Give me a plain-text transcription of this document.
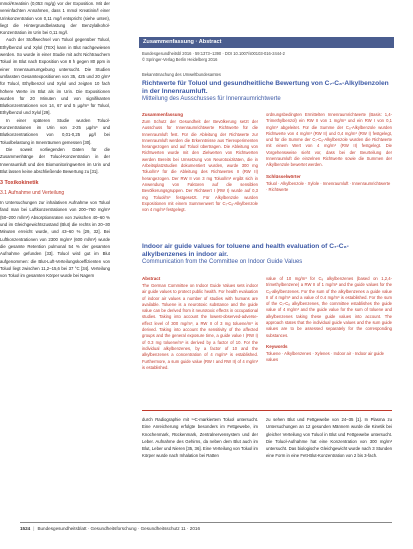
mmol/Kreatinin (0,053 mg/g) vor der Exposition. Mit der vereinfachten Annahmen, dass 1 mmol Kreatinin/l einer Urinkonzentration von 0,11 mg/l entspricht (siehe unten), liegt die Hintergrundbelastung der Benzylalkohol-Konzentration im Urin bei 0,11 mg/l.

Auch der Stoffwechsel von Toluol gegenüber Toluol, Ethylbenzol und Xylol (TEX) kann in Blut nachgewiesen werden. So wurde in einer Studie mit acht Nichtrauchern Toluol im Blut nach Exposition von 8 h gegen 80 ppm in einer Innenraumumgebung untersucht. Die Studien umfassten Gesamtexpositionen von 35, 425 und 20 g/m³ für Toluol, Ethylbenzol und Xylol und zeigten 10 fach höhere Werte im Blut als im Urin. Die Expositionen wurden für 20 Minuten und von signifikanten Blutkonzentrationen von 14, 67 und 5 µg/m³ für Toluol, Ethylbenzol und Xylol [29].

In einer späteren Studie wurden Toluol-Konzentrationen im Urin von 2-25 µg/m³ und Blutkonzentrationen von 0,01-0,25 µg/l bei Toluolbelastung in Innenräumen gemessen [30].

Die soweit vorliegenden Daten für die Zusammenhänge der Toluol-Konzentration in der Innenraumluft und den Biomonitoringwerten im Urin und Blut lassen keine abschließende Bewertung zu [31].

3 Toxikokinetik
3.1 Aufnahme und Verteilung

In Untersuchungen zur inhalativen Aufnahme von Toluol fand man bei Luftkonzentrationen von 200–760 mg/m³ (50–200 ml/m³) Absorptionsraten von zwischen 40–60 % und im Gleichgewichtszustand (Blut) die rechts im 20–30 Minuten erreicht wurde, und 43–60 % [29, 32]. Bei Luftkonzentrationen von 2300 mg/m³ (600 ml/m³) wurde die gesamte Retention pulmonal 54 % der gesamten Aufnahme gefunden [33]. Toluol wird gut im Blut aufgenommen: die Blut-Luft-Verteilungskoeffizienten von Toluol liegt zwischen 11,2–15,6 bei 37 °C [34]. Verteilung von Toluol im gesamten Körper wurde bei Nagern

Zusammenfassung · Abstract
Bundesgesundheitsbl 2016 · 59:1373–1390 · DOI 10.1007/s00103-016-2444-2
© Springer-Verlag Berlin Heidelberg 2016
Bekanntmachung des Umweltbundesamtes
Richtwerte für Toluol und gesundheitliche Bewertung von C₇-C₈-Alkylbenzolen in der Innenraumluft.
Mitteilung des Ausschusses für Innenraumrichtwerte
Zusammenfassung
Zum Schutz der Gesundheit der Bevölkerung setzt der Ausschuss für Innenraumrichtwerte Richtwerte für die Innenraumluft fest. Für die Ableitung der Richtwerte zur Innenraumluft werden die Erkenntnisse aus Tierexperimenten herangezogen und auf Toluol übertragen. Die Ableitung von Richtwerten wurde mit den Zielwerten von Richtwerten werden Bereits bei Umsetzung von Neurotoxizitäten, die in Arbeitsplatzstudien dokumentiert wurden, wurde 300 mg Toluol/m³ für die Ableitung des Richtwertes II (RW II) herangezogen. Der RW II von 3 mg Toluol/m³ ergibt sich in Anwendung von Faktoren auf die sensiblen Bevölkerungsgruppen. Der Richtwert I (RW I) wurde auf 0,3 mg Toluol/m³ festgesetzt. Für Alkylbenzole wurden Expositionen mit einem Summenwert für C₇-C₈-Alkylbenzole von 4 mg/m³ festgelegt.
ordnungsbedingten Ermittelten Innenraumrichtwerte (Basis: 1,4-Trimethylbenzol) ein RW II von 1 mg/m³ und ein RW I von 0,1 mg/m³ abgeleitet. Für die Summe der C₉-Alkylbenzole wurden Richtwerte von 4 mg/m³ (RW II) und 0,4 mg/m³ (RW I) festgelegt, und für die Summe der C₇-C₈-Alkylbenzole wurden die Richtwerte mit einem Wert von 4 mg/m³ (RW II) festgelegt. Die Vorgehensweise sieht vor, dass bei der Beurteilung der Innenraumluft die einzelnen Richtwerte sowie die Summen der Alkylbenzole bewertet werden.
Schlüsselwörter
Toluol · Alkylbenzole · Xylole · Innenraumluft · Innenraumrichtwerte · Richtwerte
Indoor air guide values for toluene and health evaluation of C₇-C₈-alkylbenzenes in indoor air.
Communication from the Committee on Indoor Guide Values
Abstract
The German Committee on Indoor Guide Values sets indoor air guide values to protect public health. For health evaluation of indoor air values a number of studies with humans are available. Toluene is a neurotoxic substance and the guide value can be derived from it neurotoxic effects in occupational studies. Taking into account the lowest-observed-adverse-effect level of 300 mg/m³, a RW II of 3 mg toluene/m³ is derived. Taking into account the sensitivity of the affected groups and the general exposure time, a guide value I (RW I) of 0.3 mg toluene/m³ is derived by a factor of 10. For the individual alkylbenzenes, by a factor of 10 and the alkylbenzenes a concentration of 4 mg/m³ is established. Furthermore, a sum guide value (RW I and RW II) of 4 mg/m³ is established.
value of 10 mg/m³ for C₉ alkylbenzenes (based on 1,2,4-trimethylbenzene) a RW II of 1 mg/m³ and the guide values for the C₉-alkylbenzenes. For the sum of the alkylbenzenes a guide value II of 4 mg/m³ and a value of 0.4 mg/m³ is established. For the sum of the C₇-C₈ alkylbenzenes, the committee establishes the guide value of 4 mg/m³ and the guide value for the sum of toluene and alkylbenzenes taking these guide values into account. The approach states that the individual guide values and the sum guide values are to be assessed separately for the corresponding substances.
Keywords
Toluene · Alkylbenzenes · Xylenes · Indoor air · Indoor air guide values

durch Radiographie mit ¹⁴C-markiertem Toluol untersucht. Eine Anreicherung erfolgte besonders im Fettgewebe, im Knochenmark, Rückenmark, Zentralnervensystem und der Leber. Aufnahme des Gehirns, da neben dem Blut auch im Blut, Leber und Nieren [35, 36]. Eine Verteilung von Toluol im Körper wurde nach Inhalation bei Ratten

zu sehen Blut und Fettgewebe von 24–35 [1]. In Plasma zu Untersuchungen an 12 gesunden Männern wurde die Kinetik bei gleicher Verteilung von Toluol in Blut und Fettgewebe untersucht. Die Toluol-Aufnahme hat eine Konzentration von 300 mg/m³ untersucht. Das biologische Gleichgewicht wurde nach 3 Stunden eine Form in eine Fett-Blut-Konzentration von 2 bis 3-fach.

1524 | Bundesgesundheitsblatt · Gesundheitsforschung · Gesundheitsschutz 11 · 2016
